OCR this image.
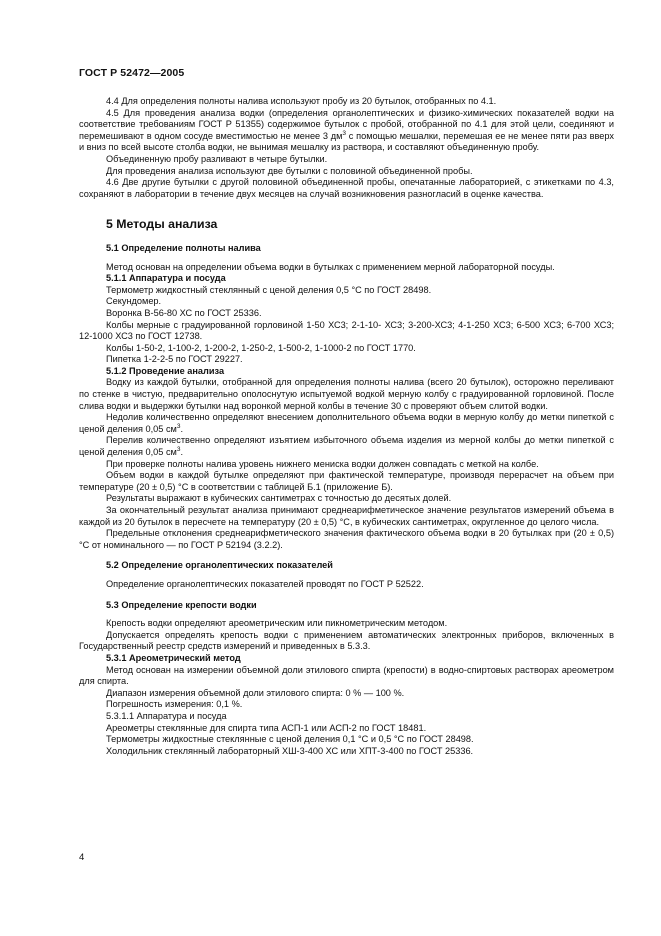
ГОСТ Р 52472—2005

4.4 Для определения полноты налива используют пробу из 20 бутылок, отобранных по 4.1.

4.5 Для проведения анализа водки (определения органолептических и физико-химических показателей водки на соответствие требованиям ГОСТ Р 51355) содержимое бутылок с пробой, отобранной по 4.1 для этой цели, соединяют и перемешивают в одном сосуде вместимостью не менее 3 $дм^3$ с помощью мешалки, перемешая ее не менее пяти раз вверх и вниз по всей высоте столба водки, не вынимая мешалку из раствора, и составляют объединенную пробу.

Объединенную пробу разливают в четыре бутылки.

Для проведения анализа используют две бутылки с половиной объединенной пробы.

4.6 Две другие бутылки с другой половиной объединенной пробы, опечатанные лабораторией, с этикетками по 4.3, сохраняют в лаборатории в течение двух месяцев на случай возникновения разногласий в оценке качества.

5 Методы анализа

5.1 Определение полноты налива

Метод основан на определении объема водки в бутылках с применением мерной лабораторной посуды.

5.1.1 Аппаратура и посуда

Термометр жидкостный стеклянный с ценой деления 0,5 °С по ГОСТ 28498.

Секундомер.

Воронка В-56-80 ХС по ГОСТ 25336.

Колбы мерные с градуированной горловиной 1-50 ХС3; 2-1-10- ХС3; 3-200-ХС3; 4-1-250 ХС3; 6-500 ХС3; 6-700 ХС3; 12-1000 ХС3 по ГОСТ 12738.

Колбы 1-50-2, 1-100-2, 1-200-2, 1-250-2, 1-500-2, 1-1000-2 по ГОСТ 1770.

Пипетка 1-2-2-5 по ГОСТ 29227.

5.1.2 Проведение анализа

Водку из каждой бутылки, отобранной для определения полноты налива (всего 20 бутылок), осторожно переливают по стенке в чистую, предварительно ополоснутую испытуемой водкой мерную колбу с градуированной горловиной. После слива водки и выдержки бутылки над воронкой мерной колбы в течение 30 с проверяют объем слитой водки.

Недолив количественно определяют внесением дополнительного объема водки в мерную колбу до метки пипеткой с ценой деления 0,05 $см^3$.

Перелив количественно определяют изъятием избыточного объема изделия из мерной колбы до метки пипеткой с ценой деления 0,05 $см^3$.

При проверке полноты налива уровень нижнего мениска водки должен совпадать с меткой на колбе.

Объем водки в каждой бутылке определяют при фактической температуре, производя перерасчет на объем при температуре (20 ± 0,5) °С в соответствии с таблицей Б.1 (приложение Б).

Результаты выражают в кубических сантиметрах с точностью до десятых долей.

За окончательный результат анализа принимают среднеарифметическое значение результатов измерений объема в каждой из 20 бутылок в пересчете на температуру (20 ± 0,5) °С, в кубических сантиметрах, округленное до целого числа.

Предельные отклонения среднеарифметического значения фактического объема водки в 20 бутылках при (20 ± 0,5) °С от номинального — по ГОСТ Р 52194 (3.2.2).

5.2 Определение органолептических показателей

Определение органолептических показателей проводят по ГОСТ Р 52522.

5.3 Определение крепости водки

Крепость водки определяют ареометрическим или пикнометрическим методом.

Допускается определять крепость водки с применением автоматических электронных приборов, включенных в Государственный реестр средств измерений и приведенных в 5.3.3.

5.3.1 Ареометрический метод

Метод основан на измерении объемной доли этилового спирта (крепости) в водно-спиртовых растворах ареометром для спирта.

Диапазон измерения объемной доли этилового спирта: 0 % — 100 %.

Погрешность измерения: 0,1 %.

5.3.1.1 Аппаратура и посуда

Ареометры стеклянные для спирта типа АСП-1 или АСП-2 по ГОСТ 18481.

Термометры жидкостные стеклянные с ценой деления 0,1 °С и 0,5 °С по ГОСТ 28498.

Холодильник стеклянный лабораторный ХШ-3-400 ХС или ХПТ-3-400 по ГОСТ 25336.

4
